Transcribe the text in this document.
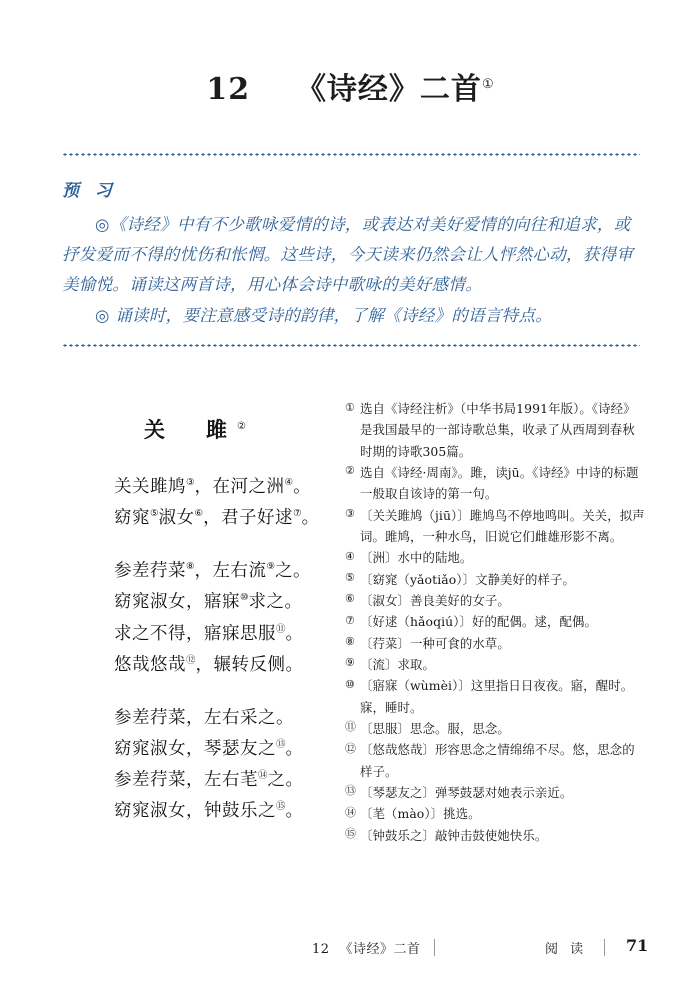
12 《诗经》二首①
预 习
◎《诗经》中有不少歌咏爱情的诗，或表达对美好爱情的向往和追求，或抒发爱而不得的忧伤和怅惘。这些诗，今天读来仍然会让人怦然心动，获得审美愉悦。诵读这两首诗，用心体会诗中歌咏的美好感情。
◎ 诵读时，要注意感受诗的韵律，了解《诗经》的语言特点。
关　雎②
关关雎鸠③，在河之洲④。
窈窕⑤淑女⑥，君子好逑⑦。
参差荇菜⑧，左右流⑨之。
窈窕淑女，寤寐⑩求之。
求之不得，寤寐思服⑪。
悠哉悠哉⑫，辗转反侧。
参差荇菜，左右采之。
窈窕淑女，琴瑟友之⑬。
参差荇菜，左右芼⑭之。
窈窕淑女，钟鼓乐之⑮。
① 选自《诗经注析》（中华书局1991年版）。《诗经》是我国最早的一部诗歌总集，收录了从西周到春秋时期的诗歌305篇。
② 选自《诗经·周南》。雎，读jū。《诗经》中诗的标题一般取自该诗的第一句。
③ 〔关关雎鸠（jiū）〕雎鸠鸟不停地鸣叫。关关，拟声词。雎鸠，一种水鸟，旧说它们雌雄形影不离。
④ 〔洲〕水中的陆地。
⑤ 〔窈窕（yǎotiǎo）〕文静美好的样子。
⑥ 〔淑女〕善良美好的女子。
⑦ 〔好逑（hǎoqiú）〕好的配偶。逑，配偶。
⑧ 〔荇菜〕一种可食的水草。
⑨ 〔流〕求取。
⑩ 〔寤寐（wùmèi）〕这里指日日夜夜。寤，醒时。寐，睡时。
⑪ 〔思服〕思念。服，思念。
⑫ 〔悠哉悠哉〕形容思念之情绵绵不尽。悠，思念的样子。
⑬ 〔琴瑟友之〕弹琴鼓瑟对她表示亲近。
⑭ 〔芼（mào）〕挑选。
⑮ 〔钟鼓乐之〕敲钟击鼓使她快乐。
12 《诗经》二首	阅 读 71
